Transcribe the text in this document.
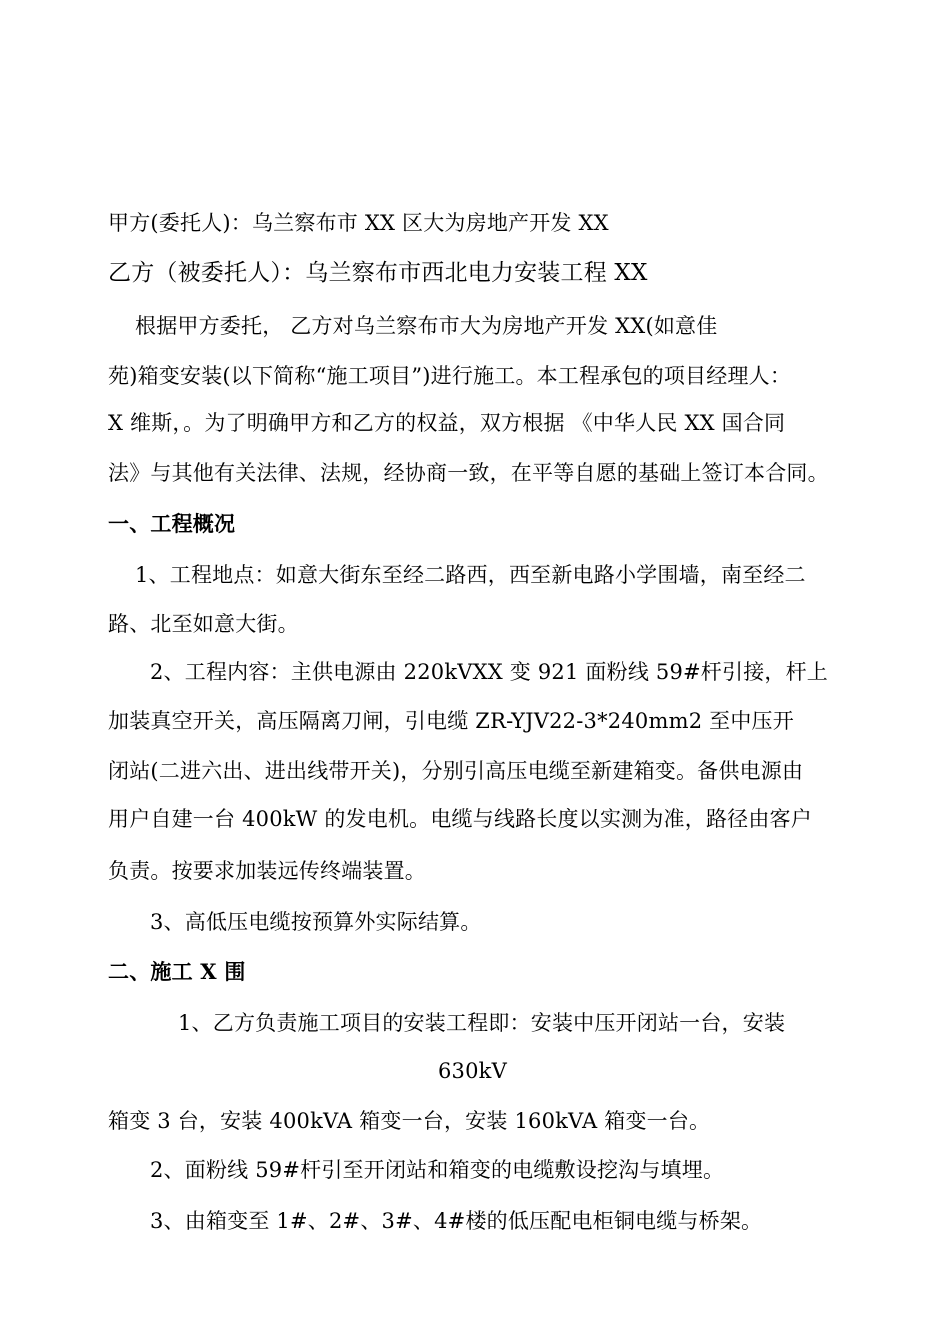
甲方(委托人)：乌兰察布市 XX 区大为房地产开发 XX
乙方（被委托人）：乌兰察布市西北电力安装工程 XX
根据甲方委托， 乙方对乌兰察布市大为房地产开发 XX(如意佳
苑)箱变安装(以下简称“施工项目”)进行施工。本工程承包的项目经理人：
X 维斯，。为了明确甲方和乙方的权益，双方根据 《中华人民 XX 国合同
法》与其他有关法律、法规，经协商一致，在平等自愿的基础上签订本合同。
一、工程概况
1、工程地点：如意大街东至经二路西，西至新电路小学围墙，南至经二
路、北至如意大街。
2、工程内容：主供电源由 220kVXX 变 921 面粉线 59#杆引接，杆上
加装真空开关，高压隔离刀闸，引电缆 ZR-YJV22-3*240mm2 至中压开
闭站(二进六出、进出线带开关)，分别引高压电缆至新建箱变。备供电源由
用户自建一台 400kW 的发电机。电缆与线路长度以实测为准，路径由客户
负责。按要求加装远传终端装置。
3、高低压电缆按预算外实际结算。
二、施工 X 围
1、乙方负责施工项目的安装工程即：安装中压开闭站一台，安装
630kV
箱变 3 台，安装 400kVA 箱变一台，安装 160kVA 箱变一台。
2、面粉线 59#杆引至开闭站和箱变的电缆敷设挖沟与填埋。
3、由箱变至 1#、2#、3#、4#楼的低压配电柜铜电缆与桥架。
